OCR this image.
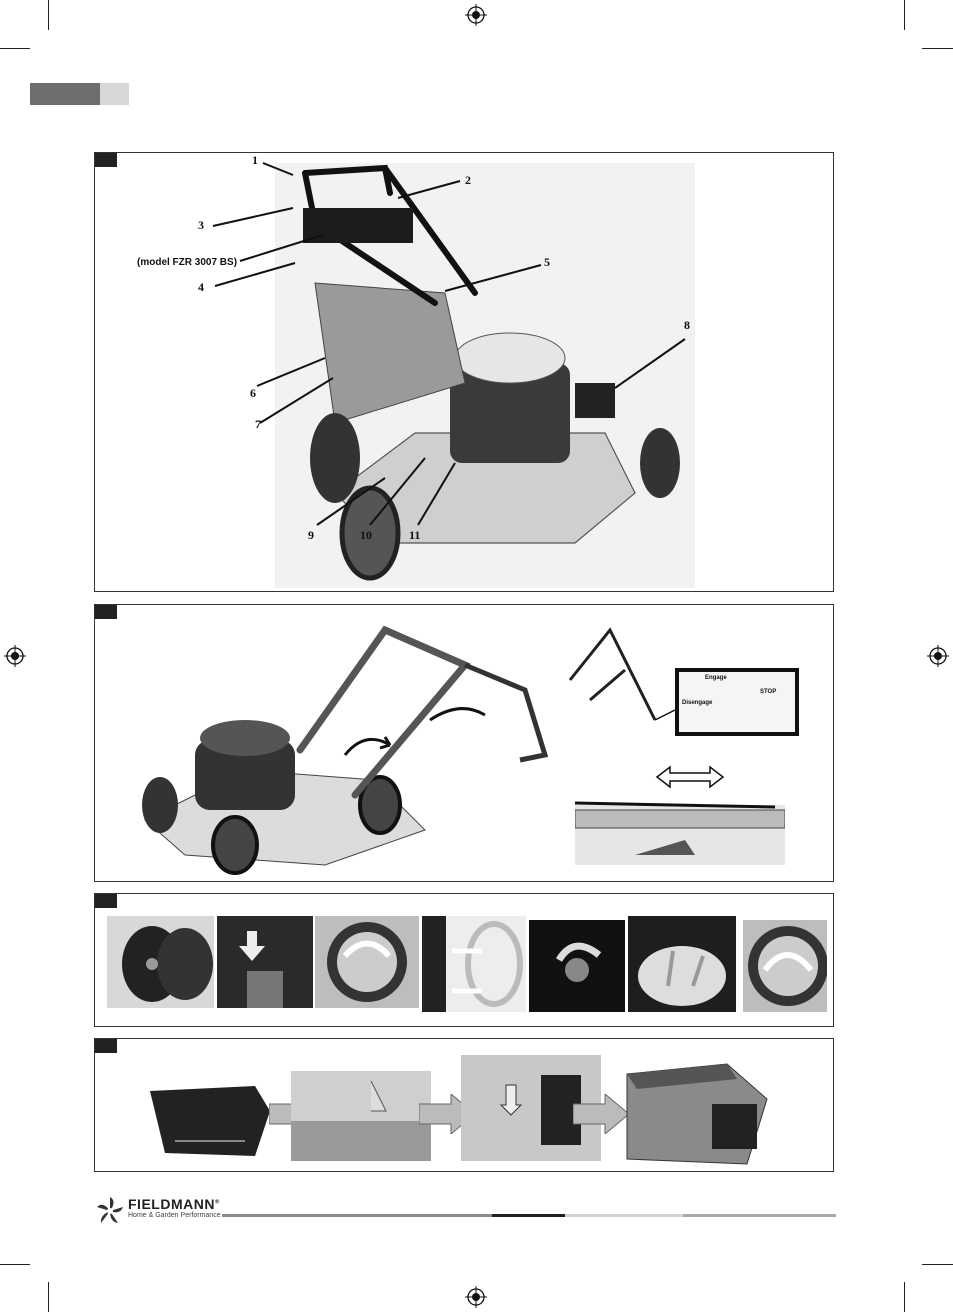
1
2
3
(model FZR 3007 BS)
4
5
6
7
8
9	10	11
Engage
Disengage
STOP
FIELDMANN®
Home & Garden Performance
